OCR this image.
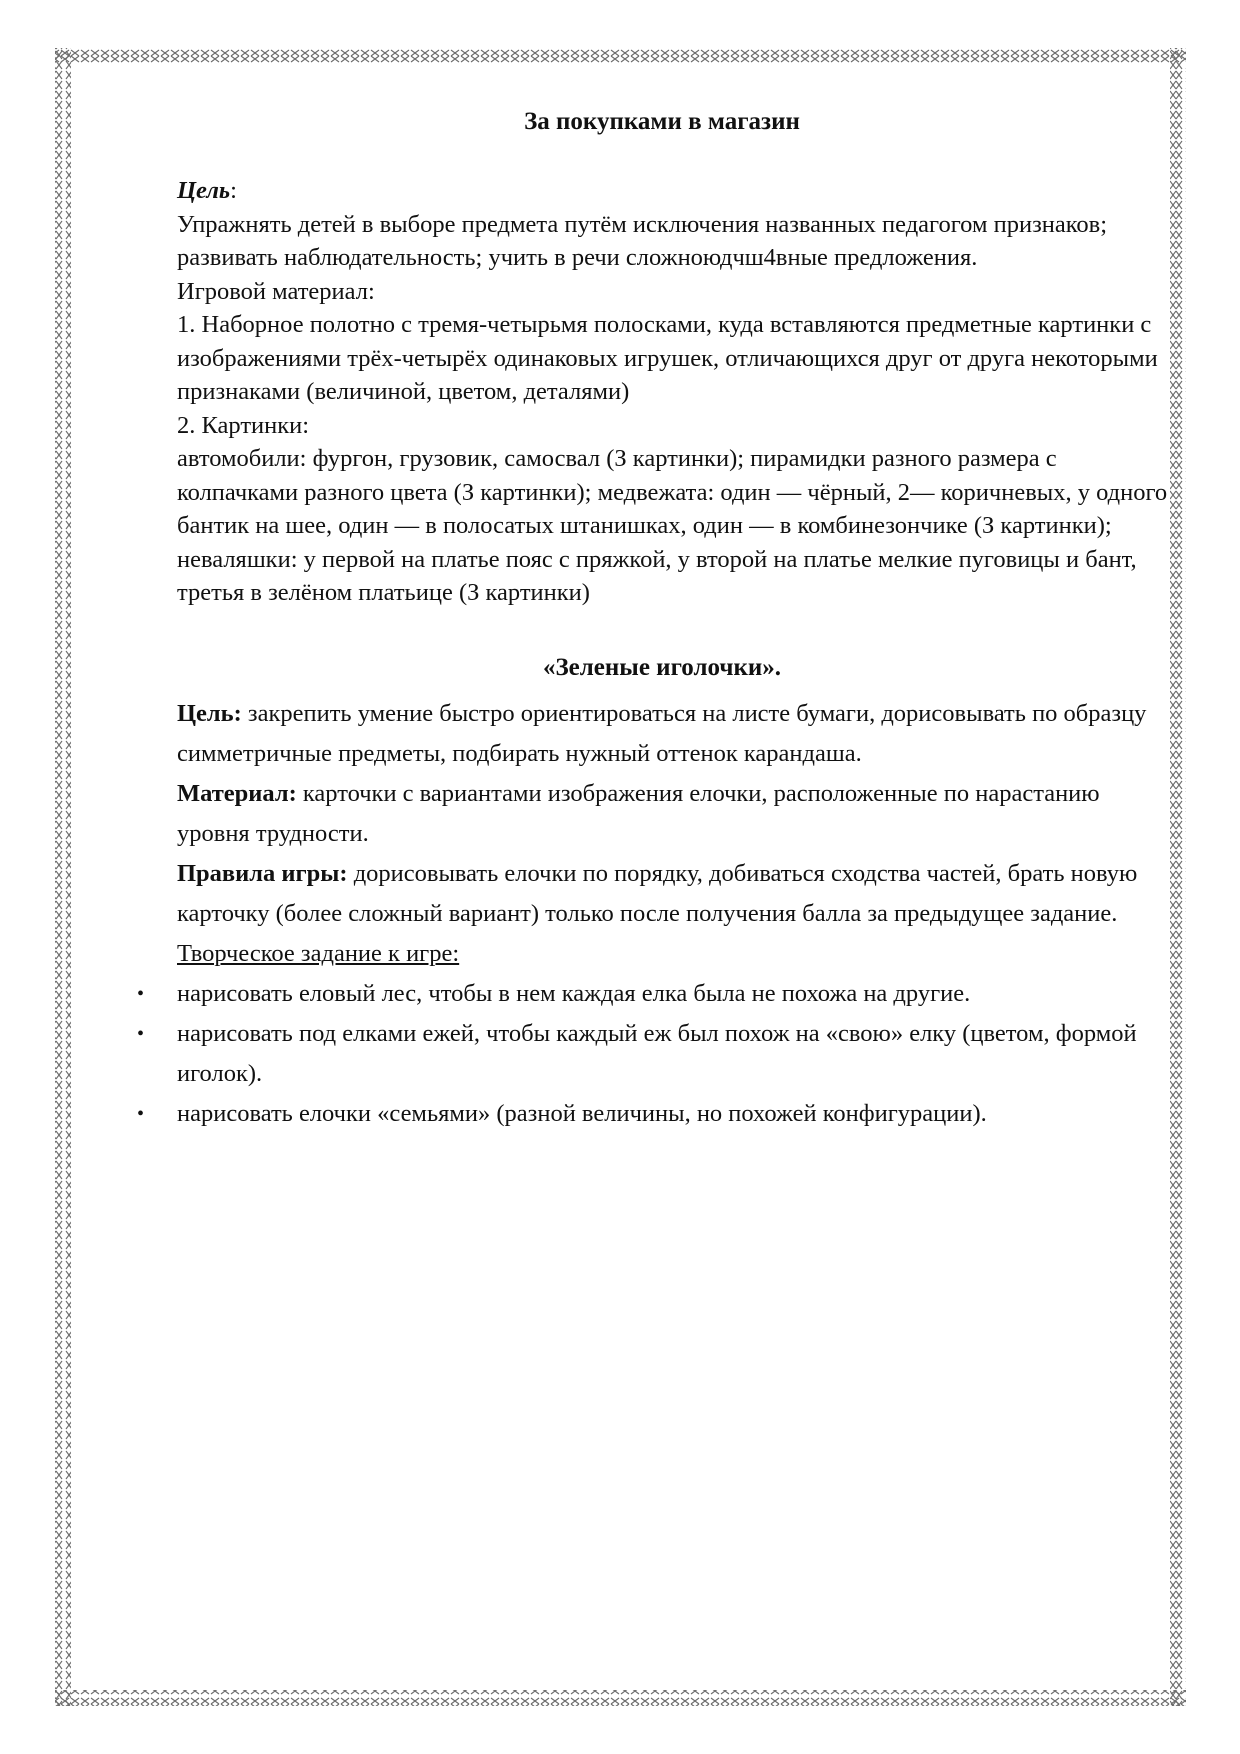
За покупками в магазин

Цель:

Упражнять детей в выборе предмета путём исключения названных педагогом признаков; развивать наблюдательность; учить в речи сложноюдчш4вные предложения.

Игровой материал:

1. Наборное полотно с тремя-четырьмя полосками, куда вставляются предметные картинки с изображениями трёх-четырёх одинаковых игрушек, отличающихся друг от друга некоторыми признаками (величиной, цветом, деталями)

2. Картинки:

автомобили: фургон, грузовик, самосвал (З картинки); пирамидки разного размера с колпачками разного цвета (З картинки); медвежата: один — чёрный, 2— коричневых, у одного бантик на шее, один — в полосатых штанишках, один — в комбинезончике (З картинки); неваляшки: у первой на платье пояс с пряжкой, у второй на платье мелкие пуговицы и бант, третья в зелёном платьице (З картинки)

«Зеленые иголочки».

Цель: закрепить умение быстро ориентироваться на листе бумаги, дорисовывать по образцу симметричные предметы, подбирать нужный оттенок карандаша.

Материал: карточки с вариантами изображения елочки, расположенные по нарастанию уровня трудности.

Правила игры: дорисовывать елочки по порядку, добиваться сходства частей, брать новую карточку (более сложный вариант) только после получения балла за предыдущее задание.

Творческое задание к игре:

• нарисовать еловый лес, чтобы в нем каждая елка была не похожа на другие.
• нарисовать под елками ежей, чтобы каждый еж был похож на «свою» елку (цветом, формой иголок).
• нарисовать елочки «семьями» (разной величины, но похожей конфигурации).
